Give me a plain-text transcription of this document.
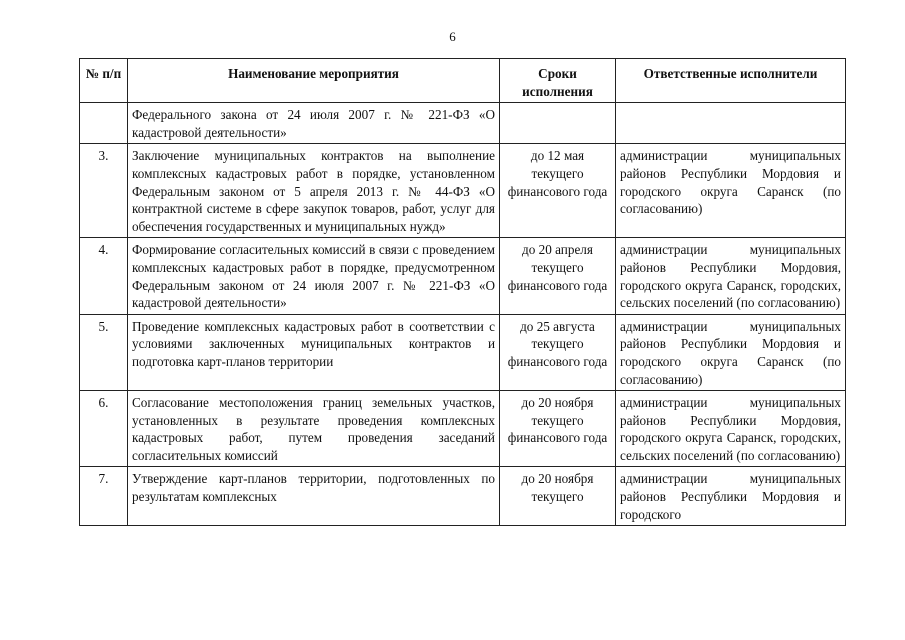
6
№ п/п	Наименование мероприятия	Сроки исполнения	Ответственные исполнители
	Федерального закона от 24 июля 2007 г. № 221-ФЗ «О кадастровой деятельности»		
3.	Заключение муниципальных контрактов на выполнение комплексных кадастровых работ в порядке, установленном Федеральным законом от 5 апреля 2013 г. № 44-ФЗ «О контрактной системе в сфере закупок товаров, работ, услуг для обеспечения государственных и муниципальных нужд»	до 12 мая текущего финансового года	администрации муниципальных районов Республики Мордовия и городского округа Саранск (по согласованию)
4.	Формирование согласительных комиссий в связи с проведением комплексных кадастровых работ в порядке, предусмотренном Федеральным законом от 24 июля 2007 г. № 221-ФЗ «О кадастровой деятельности»	до 20 апреля текущего финансового года	администрации муниципальных районов Республики Мордовия, городского округа Саранск, городских, сельских поселений (по согласованию)
5.	Проведение комплексных кадастровых работ в соответствии с условиями заключенных муниципальных контрактов и подготовка карт-планов территории	до 25 августа текущего финансового года	администрации муниципальных районов Республики Мордовия и городского округа Саранск (по согласованию)
6.	Согласование местоположения границ земельных участков, установленных в результате проведения комплексных кадастровых работ, путем проведения заседаний согласительных комиссий	до 20 ноября текущего финансового года	администрации муниципальных районов Республики Мордовия, городского округа Саранск, городских, сельских поселений (по согласованию)
7.	Утверждение карт-планов территории, подготовленных по результатам комплексных	до 20 ноября текущего	администрации муниципальных районов Республики Мордовия и городского
